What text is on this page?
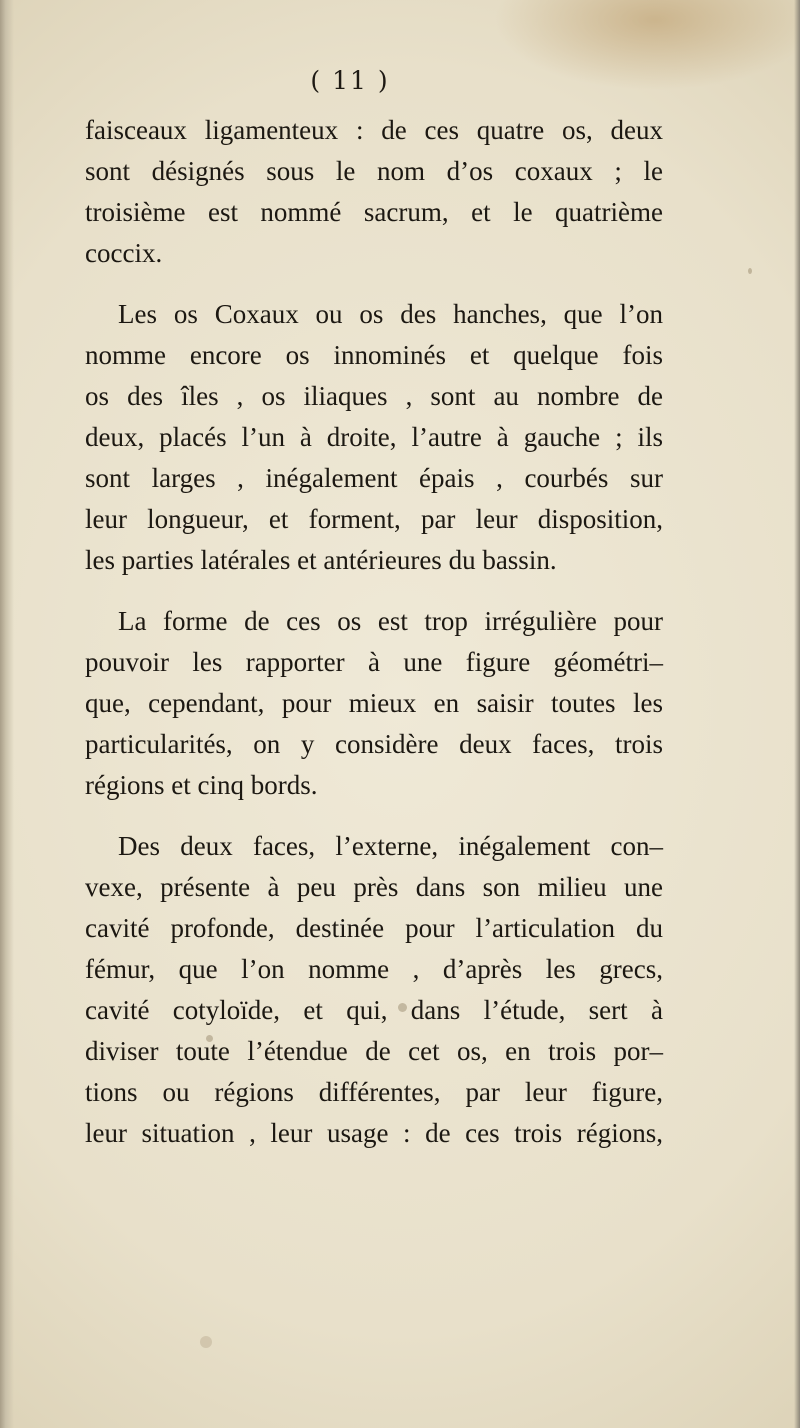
( 11 )

faisceaux ligamenteux : de ces quatre os, deux
sont désignés sous le nom d’os coxaux ; le
troisième est nommé sacrum, et le quatrième
coccix.
Les os Coxaux ou os des hanches, que l’on
nomme encore os innominés et quelque fois
os des îles , os iliaques , sont au nombre de
deux, placés l’un à droite, l’autre à gauche ; ils
sont larges , inégalement épais , courbés sur
leur longueur, et forment, par leur disposition,
les parties latérales et antérieures du bassin.
La forme de ces os est trop irrégulière pour
pouvoir les rapporter à une figure géométri–
que, cependant, pour mieux en saisir toutes les
particularités, on y considère deux faces, trois
régions et cinq bords.
Des deux faces, l’externe, inégalement con–
vexe, présente à peu près dans son milieu une
cavité profonde, destinée pour l’articulation du
fémur, que l’on nomme , d’après les grecs,
cavité cotyloïde, et qui, dans l’étude, sert à
diviser toute l’étendue de cet os, en trois por–
tions ou régions différentes, par leur figure,
leur situation , leur usage : de ces trois régions,
